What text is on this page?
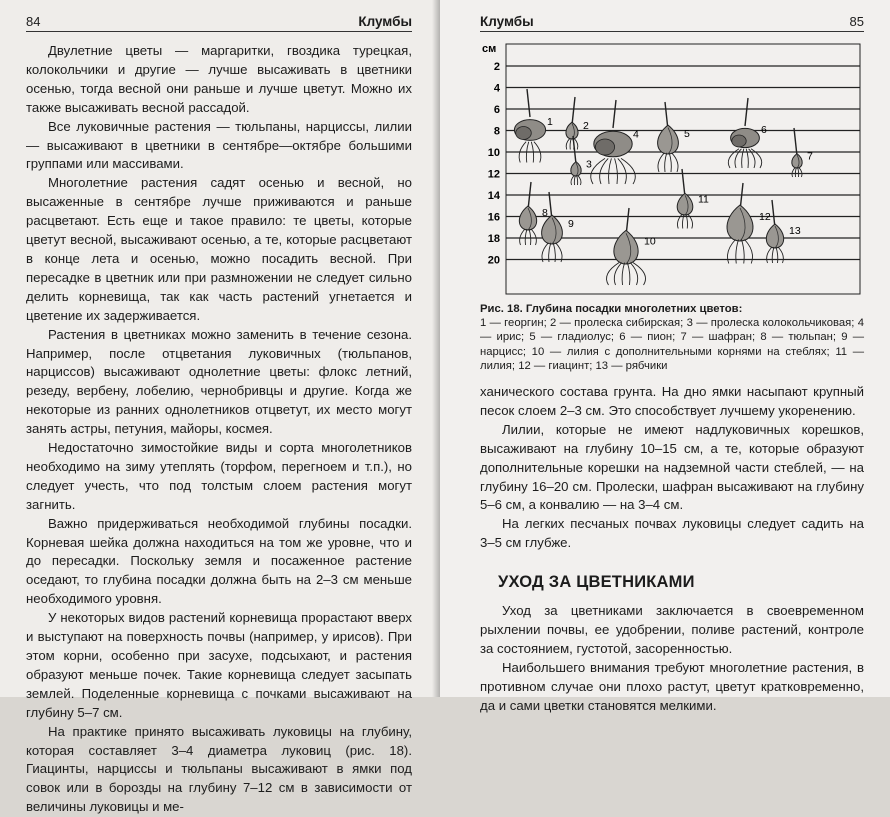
84	Клумбы

Двулетние цветы — маргаритки, гвоздика турецкая, колокольчики и другие — лучше высаживать в цветники осенью, тогда весной они раньше и лучше цветут. Можно их также высаживать весной рассадой.

Все луковичные растения — тюльпаны, нарциссы, лилии — высаживают в цветники в сентябре—октябре большими группами или массивами.

Многолетние растения садят осенью и весной, но высаженные в сентябре лучше приживаются и раньше расцветают. Есть еще и такое правило: те цветы, которые цветут весной, высаживают осенью, а те, которые расцветают в конце лета и осенью, можно посадить весной. При пересадке в цветник или при размножении не следует сильно делить корневища, так как часть растений угнетается и цветение их задерживается.

Растения в цветниках можно заменить в течение сезона. Например, после отцветания луковичных (тюльпанов, нарциссов) высаживают однолетние цветы: флокс летний, резеду, вербену, лобелию, чернобривцы и другие. Когда же некоторые из ранних однолетников отцветут, их место могут занять астры, петуния, майоры, космея.

Недостаточно зимостойкие виды и сорта многолетников необходимо на зиму утеплять (торфом, перегноем и т.п.), но следует учесть, что под толстым слоем растения могут загнить.

Важно придерживаться необходимой глубины посадки. Корневая шейка должна находиться на том же уровне, что и до пересадки. Поскольку земля и посаженное растение оседают, то глубина посадки должна быть на 2–3 см меньше необходимого уровня.

У некоторых видов растений корневища прорастают вверх и выступают на поверхность почвы (например, у ирисов). При этом корни, особенно при засухе, подсыхают, и растения образуют меньше почек. Такие корневища следует засыпать землей. Поделенные корневища с почками высаживают на глубину 5–7 см.

На практике принято высаживать луковицы на глубину, которая составляет 3–4 диаметра луковиц (рис. 18). Гиацинты, нарциссы и тюльпаны высаживают в ямки под совок или в борозды на глубину 7–12 см в зависимости от величины луковицы и ме-

Клумбы	85
см
2
4
6
8
10
12
14
16
18
20
1	2
3
4	5	6
7
8
9
10
11
12
13
Рис. 18. Глубина посадки многолетних цветов:
1 — георгин; 2 — пролеска сибирская; 3 — пролеска колокольчиковая; 4 — ирис; 5 — гладиолус; 6 — пион; 7 — шафран; 8 — тюльпан; 9 — нарцисс; 10 — лилия с дополнительными корнями на стеблях; 11 — лилия; 12 — гиацинт; 13 — рябчики

ханического состава грунта. На дно ямки насыпают крупный песок слоем 2–3 см. Это способствует лучшему укоренению.

Лилии, которые не имеют надлуковичных корешков, высаживают на глубину 10–15 см, а те, которые образуют дополнительные корешки на надземной части стеблей, — на глубину 16–20 см. Пролески, шафран высаживают на глубину 5–6 см, а конвалию — на 3–4 см.

На легких песчаных почвах луковицы следует садить на 3–5 см глубже.

УХОД ЗА ЦВЕТНИКАМИ

Уход за цветниками заключается в своевременном рыхлении почвы, ее удобрении, поливе растений, контроле за состоянием, густотой, засоренностью.

Наибольшего внимания требуют многолетние растения, в противном случае они плохо растут, цветут кратковременно, да и сами цветки становятся мелкими.
